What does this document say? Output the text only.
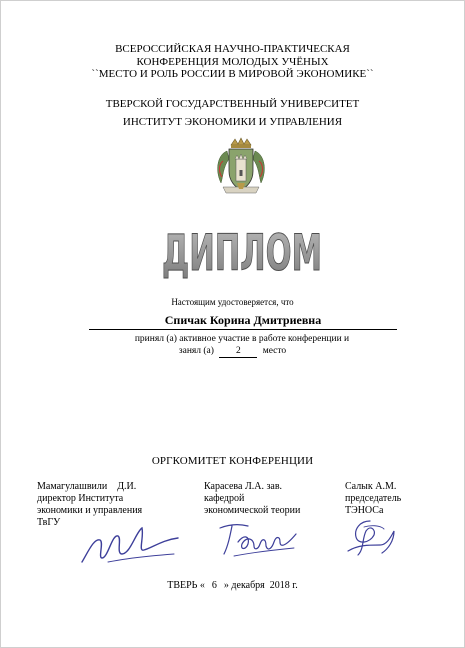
ВСЕРОССИЙСКАЯ НАУЧНО-ПРАКТИЧЕСКАЯ
КОНФЕРЕНЦИЯ МОЛОДЫХ УЧЁНЫХ
``МЕСТО И РОЛЬ РОССИИ В МИРОВОЙ ЭКОНОМИКЕ``
ТВЕРСКОЙ ГОСУДАРСТВЕННЫЙ УНИВЕРСИТЕТ
ИНСТИТУТ ЭКОНОМИКИ И УПРАВЛЕНИЯ
ДИПЛОМ
Настоящим удостоверяется, что
Спичак Корина Дмитриевна
принял (а) активное участие в работе конференции и
занял (а) 2 место
ОРГКОМИТЕТ КОНФЕРЕНЦИИ
Мамагулашвили    Д.И.
директор Института
экономики и управления
ТвГУ
Карасева Л.А. зав.
кафедрой
экономической теории
Салык А.М.
председатель
ТЭНОСа
ТВЕРЬ « 6 » декабря  2018 г.
